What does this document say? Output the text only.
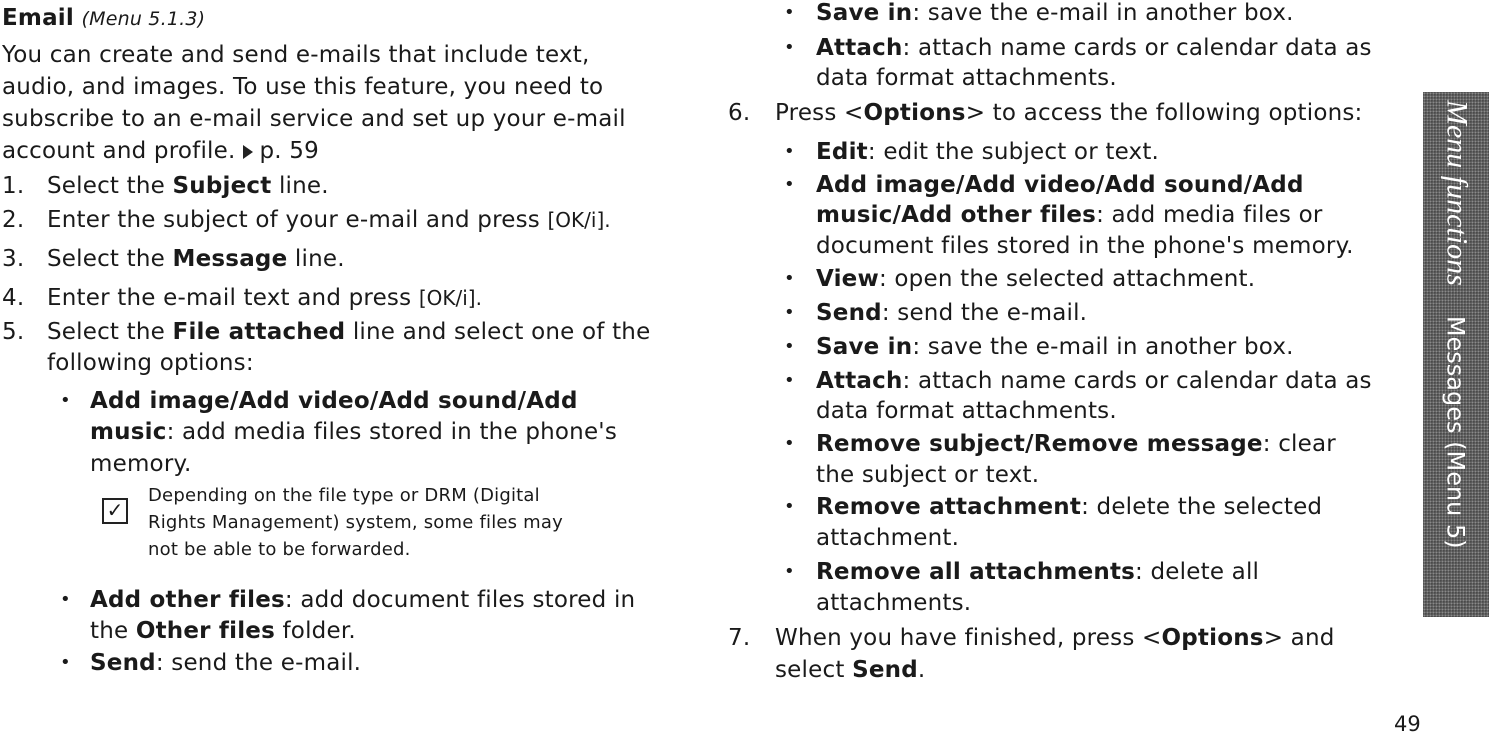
Email (Menu 5.1.3)
You can create and send e-mails that include text,
audio, and images. To use this feature, you need to
subscribe to an e-mail service and set up your e-mail
account and profile. p. 59
1. Select the Subject line.
2. Enter the subject of your e-mail and press [OK/i].
3. Select the Message line.
4. Enter the e-mail text and press [OK/i].
5. Select the File attached line and select one of the
following options:
• Add image/Add video/Add sound/Add
music: add media files stored in the phone's
memory.
✓
Depending on the file type or DRM (Digital
Rights Management) system, some files may
not be able to be forwarded.
• Add other files: add document files stored in
the Other files folder.
• Send: send the e-mail.
• Save in: save the e-mail in another box.
• Attach: attach name cards or calendar data as
data format attachments.
6. Press <Options> to access the following options:
• Edit: edit the subject or text.
• Add image/Add video/Add sound/Add
music/Add other files: add media files or
document files stored in the phone's memory.
• View: open the selected attachment.
• Send: send the e-mail.
• Save in: save the e-mail in another box.
• Attach: attach name cards or calendar data as
data format attachments.
• Remove subject/Remove message: clear
the subject or text.
• Remove attachment: delete the selected
attachment.
• Remove all attachments: delete all
attachments.
7. When you have finished, press <Options> and
select Send.
Menu functionsMessages (Menu 5)
49
